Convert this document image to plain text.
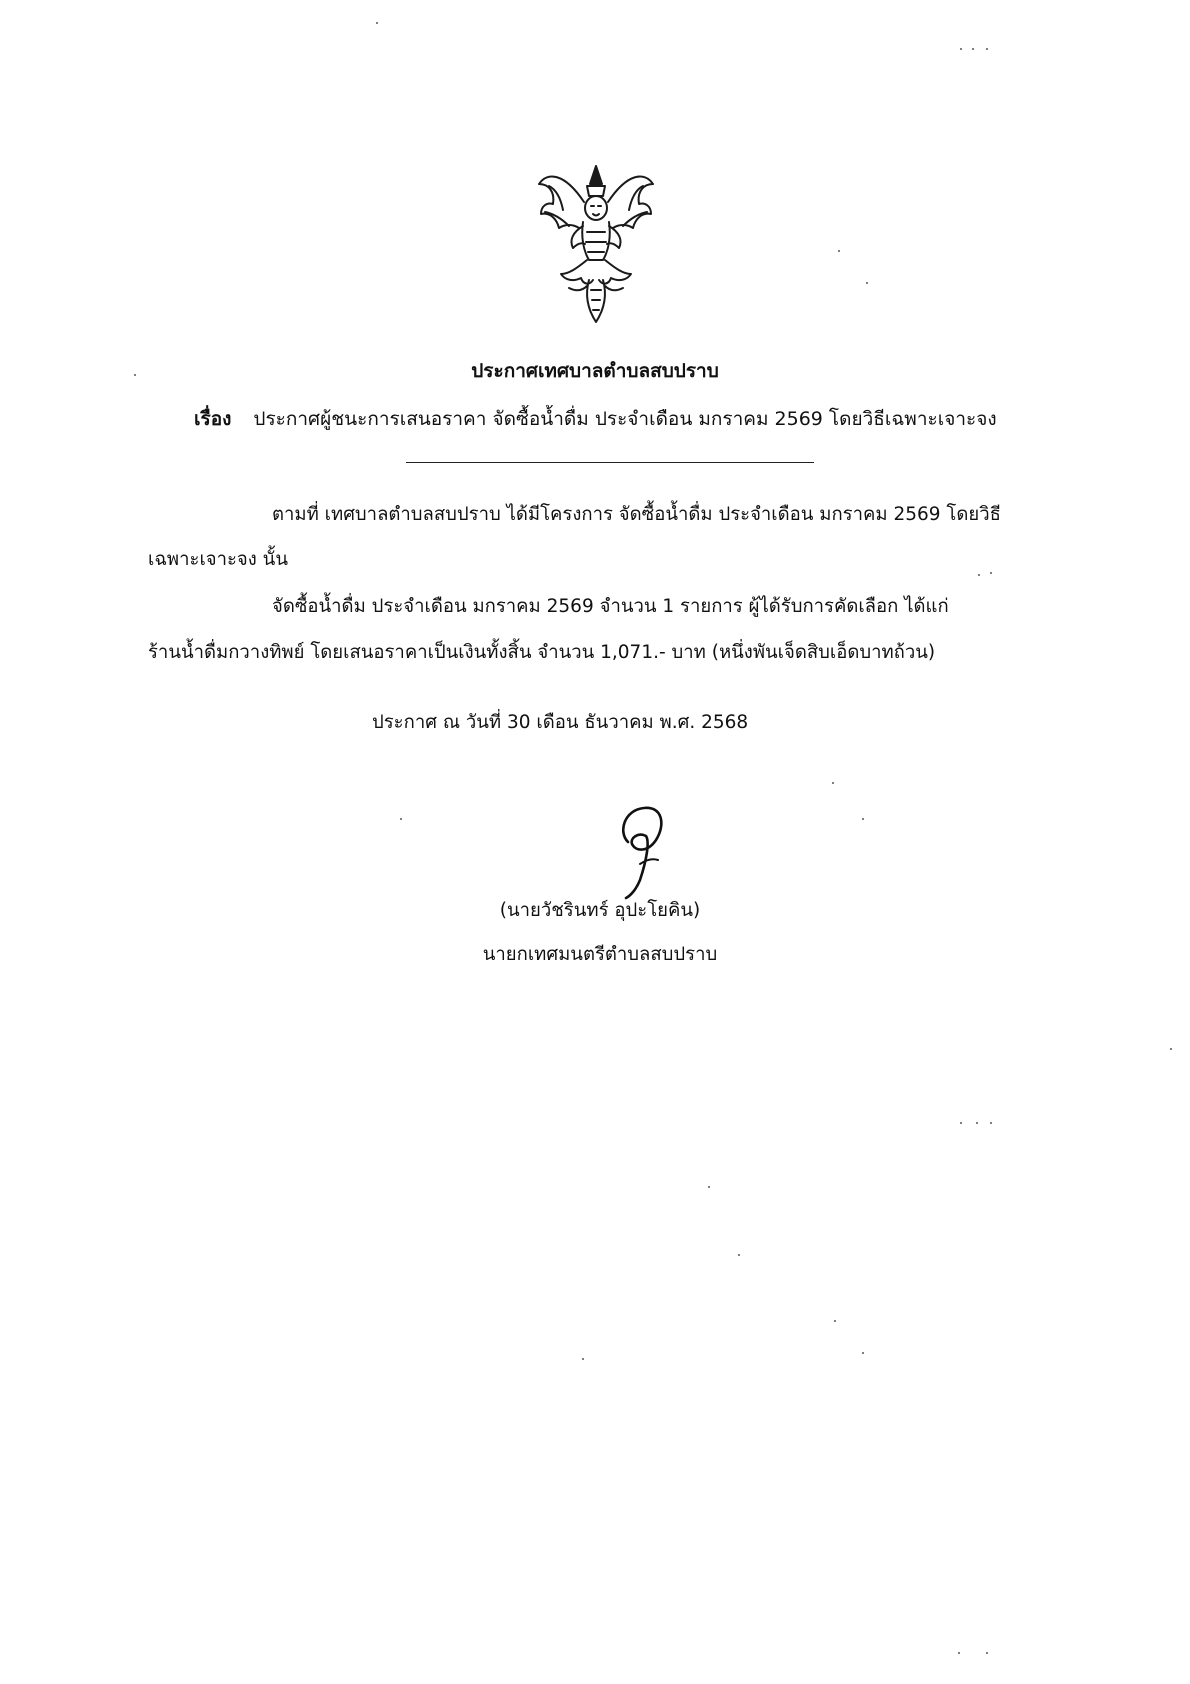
ประกาศเทศบาลตำบลสบปราบ
เรื่อง ประกาศผู้ชนะการเสนอราคา จัดซื้อน้ำดื่ม ประจำเดือน มกราคม 2569 โดยวิธีเฉพาะเจาะจง
ตามที่ เทศบาลตำบลสบปราบ ได้มีโครงการ จัดซื้อน้ำดื่ม ประจำเดือน มกราคม 2569 โดยวิธี
เฉพาะเจาะจง นั้น
จัดซื้อน้ำดื่ม ประจำเดือน มกราคม 2569 จำนวน 1 รายการ ผู้ได้รับการคัดเลือก ได้แก่
ร้านน้ำดื่มกวางทิพย์ โดยเสนอราคาเป็นเงินทั้งสิ้น จำนวน 1,071.- บาท (หนึ่งพันเจ็ดสิบเอ็ดบาทถ้วน)
ประกาศ ณ วันที่ 30 เดือน ธันวาคม พ.ศ. 2568
(นายวัชรินทร์ อุปะโยคิน)
นายกเทศมนตรีตำบลสบปราบ
